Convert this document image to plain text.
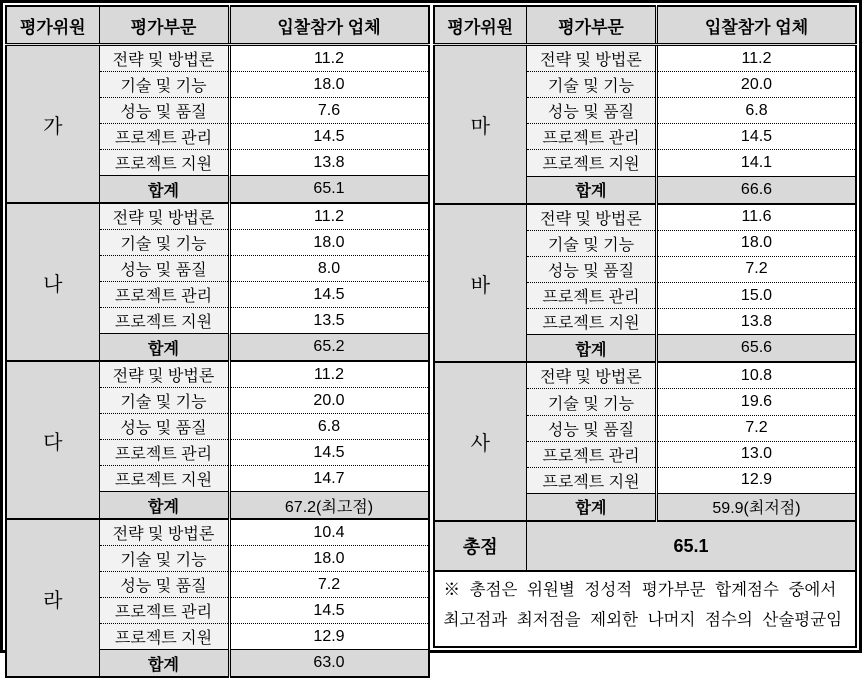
평가위원	평가부문	입찰참가 업체
가	전략 및 방법론	11.2
	기술 및 기능	18.0
	성능 및 품질	7.6
	프로젝트 관리	14.5
	프로젝트 지원	13.8
	합계	65.1
나	전략 및 방법론	11.2
	기술 및 기능	18.0
	성능 및 품질	8.0
	프로젝트 관리	14.5
	프로젝트 지원	13.5
	합계	65.2
다	전략 및 방법론	11.2
	기술 및 기능	20.0
	성능 및 품질	6.8
	프로젝트 관리	14.5
	프로젝트 지원	14.7
	합계	67.2(최고점)
라	전략 및 방법론	10.4
	기술 및 기능	18.0
	성능 및 품질	7.2
	프로젝트 관리	14.5
	프로젝트 지원	12.9
	합계	63.0
평가위원	평가부문	입찰참가 업체
마	전략 및 방법론	11.2
	기술 및 기능	20.0
	성능 및 품질	6.8
	프로젝트 관리	14.5
	프로젝트 지원	14.1
	합계	66.6
바	전략 및 방법론	11.6
	기술 및 기능	18.0
	성능 및 품질	7.2
	프로젝트 관리	15.0
	프로젝트 지원	13.8
	합계	65.6
사	전략 및 방법론	10.8
	기술 및 기능	19.6
	성능 및 품질	7.2
	프로젝트 관리	13.0
	프로젝트 지원	12.9
	합계	59.9(최저점)
총점	65.1	

※ 총점은 위원별 정성적 평가부문 합계점수 중에서
최고점과 최저점을 제외한 나머지 점수의 산술평균임		
